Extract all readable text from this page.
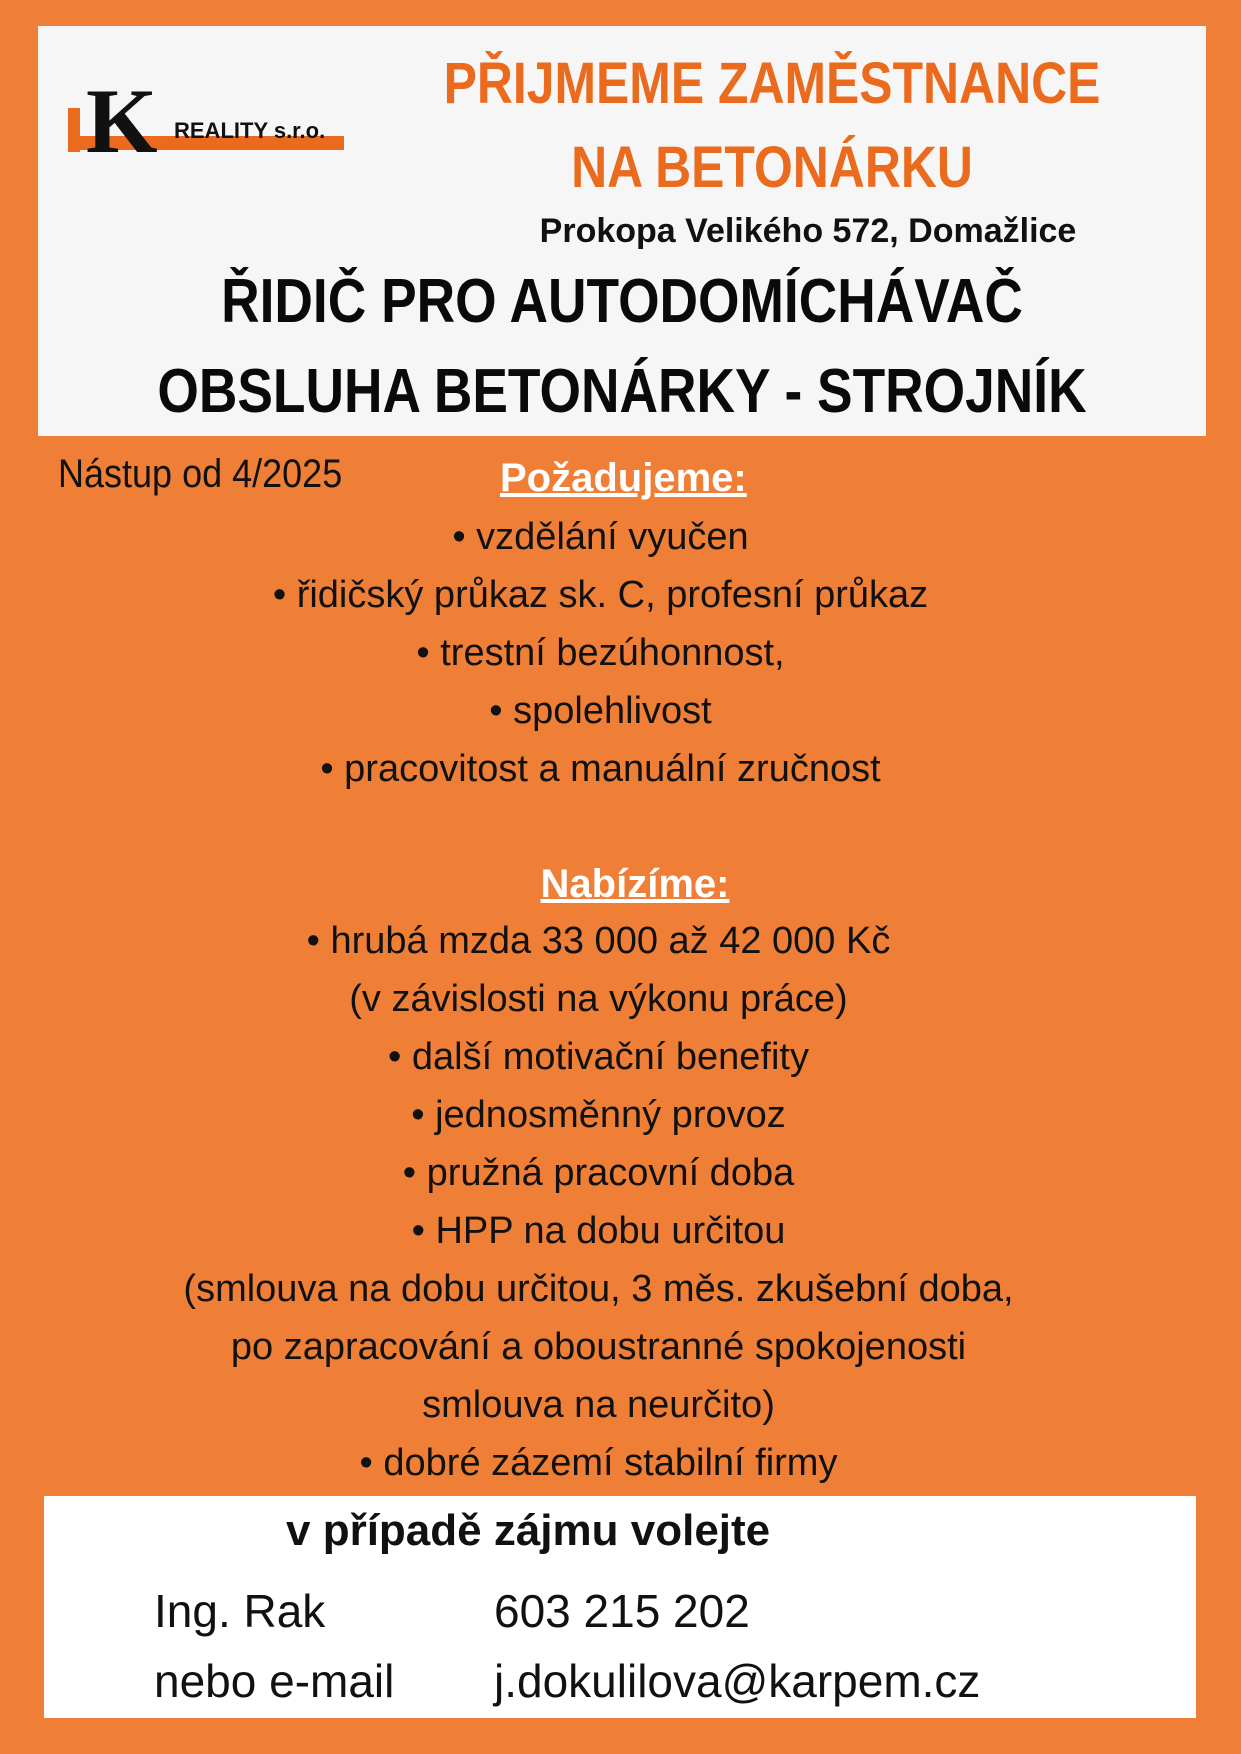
K REALITY s.r.o.
PŘIJMEME ZAMĚSTNANCE
NA BETONÁRKU
Prokopa Velikého 572, Domažlice
ŘIDIČ PRO AUTODOMÍCHÁVAČ
OBSLUHA BETONÁRKY - STROJNÍK
Nástup od 4/2025	Požadujeme:
• vzdělání vyučen
• řidičský průkaz sk. C, profesní průkaz
• trestní bezúhonnost,
• spolehlivost
• pracovitost a manuální zručnost
Nabízíme:
• hrubá mzda 33 000 až 42 000 Kč
(v závislosti na výkonu práce)
• další motivační benefity
• jednosměnný provoz
• pružná pracovní doba
• HPP na dobu určitou
(smlouva na dobu určitou, 3 měs. zkušební doba,
po zapracování a oboustranné spokojenosti
smlouva na neurčito)
• dobré zázemí stabilní firmy
v případě zájmu volejte
Ing. Rak	603 215 202
nebo e-mail j.dokulilova@karpem.cz
